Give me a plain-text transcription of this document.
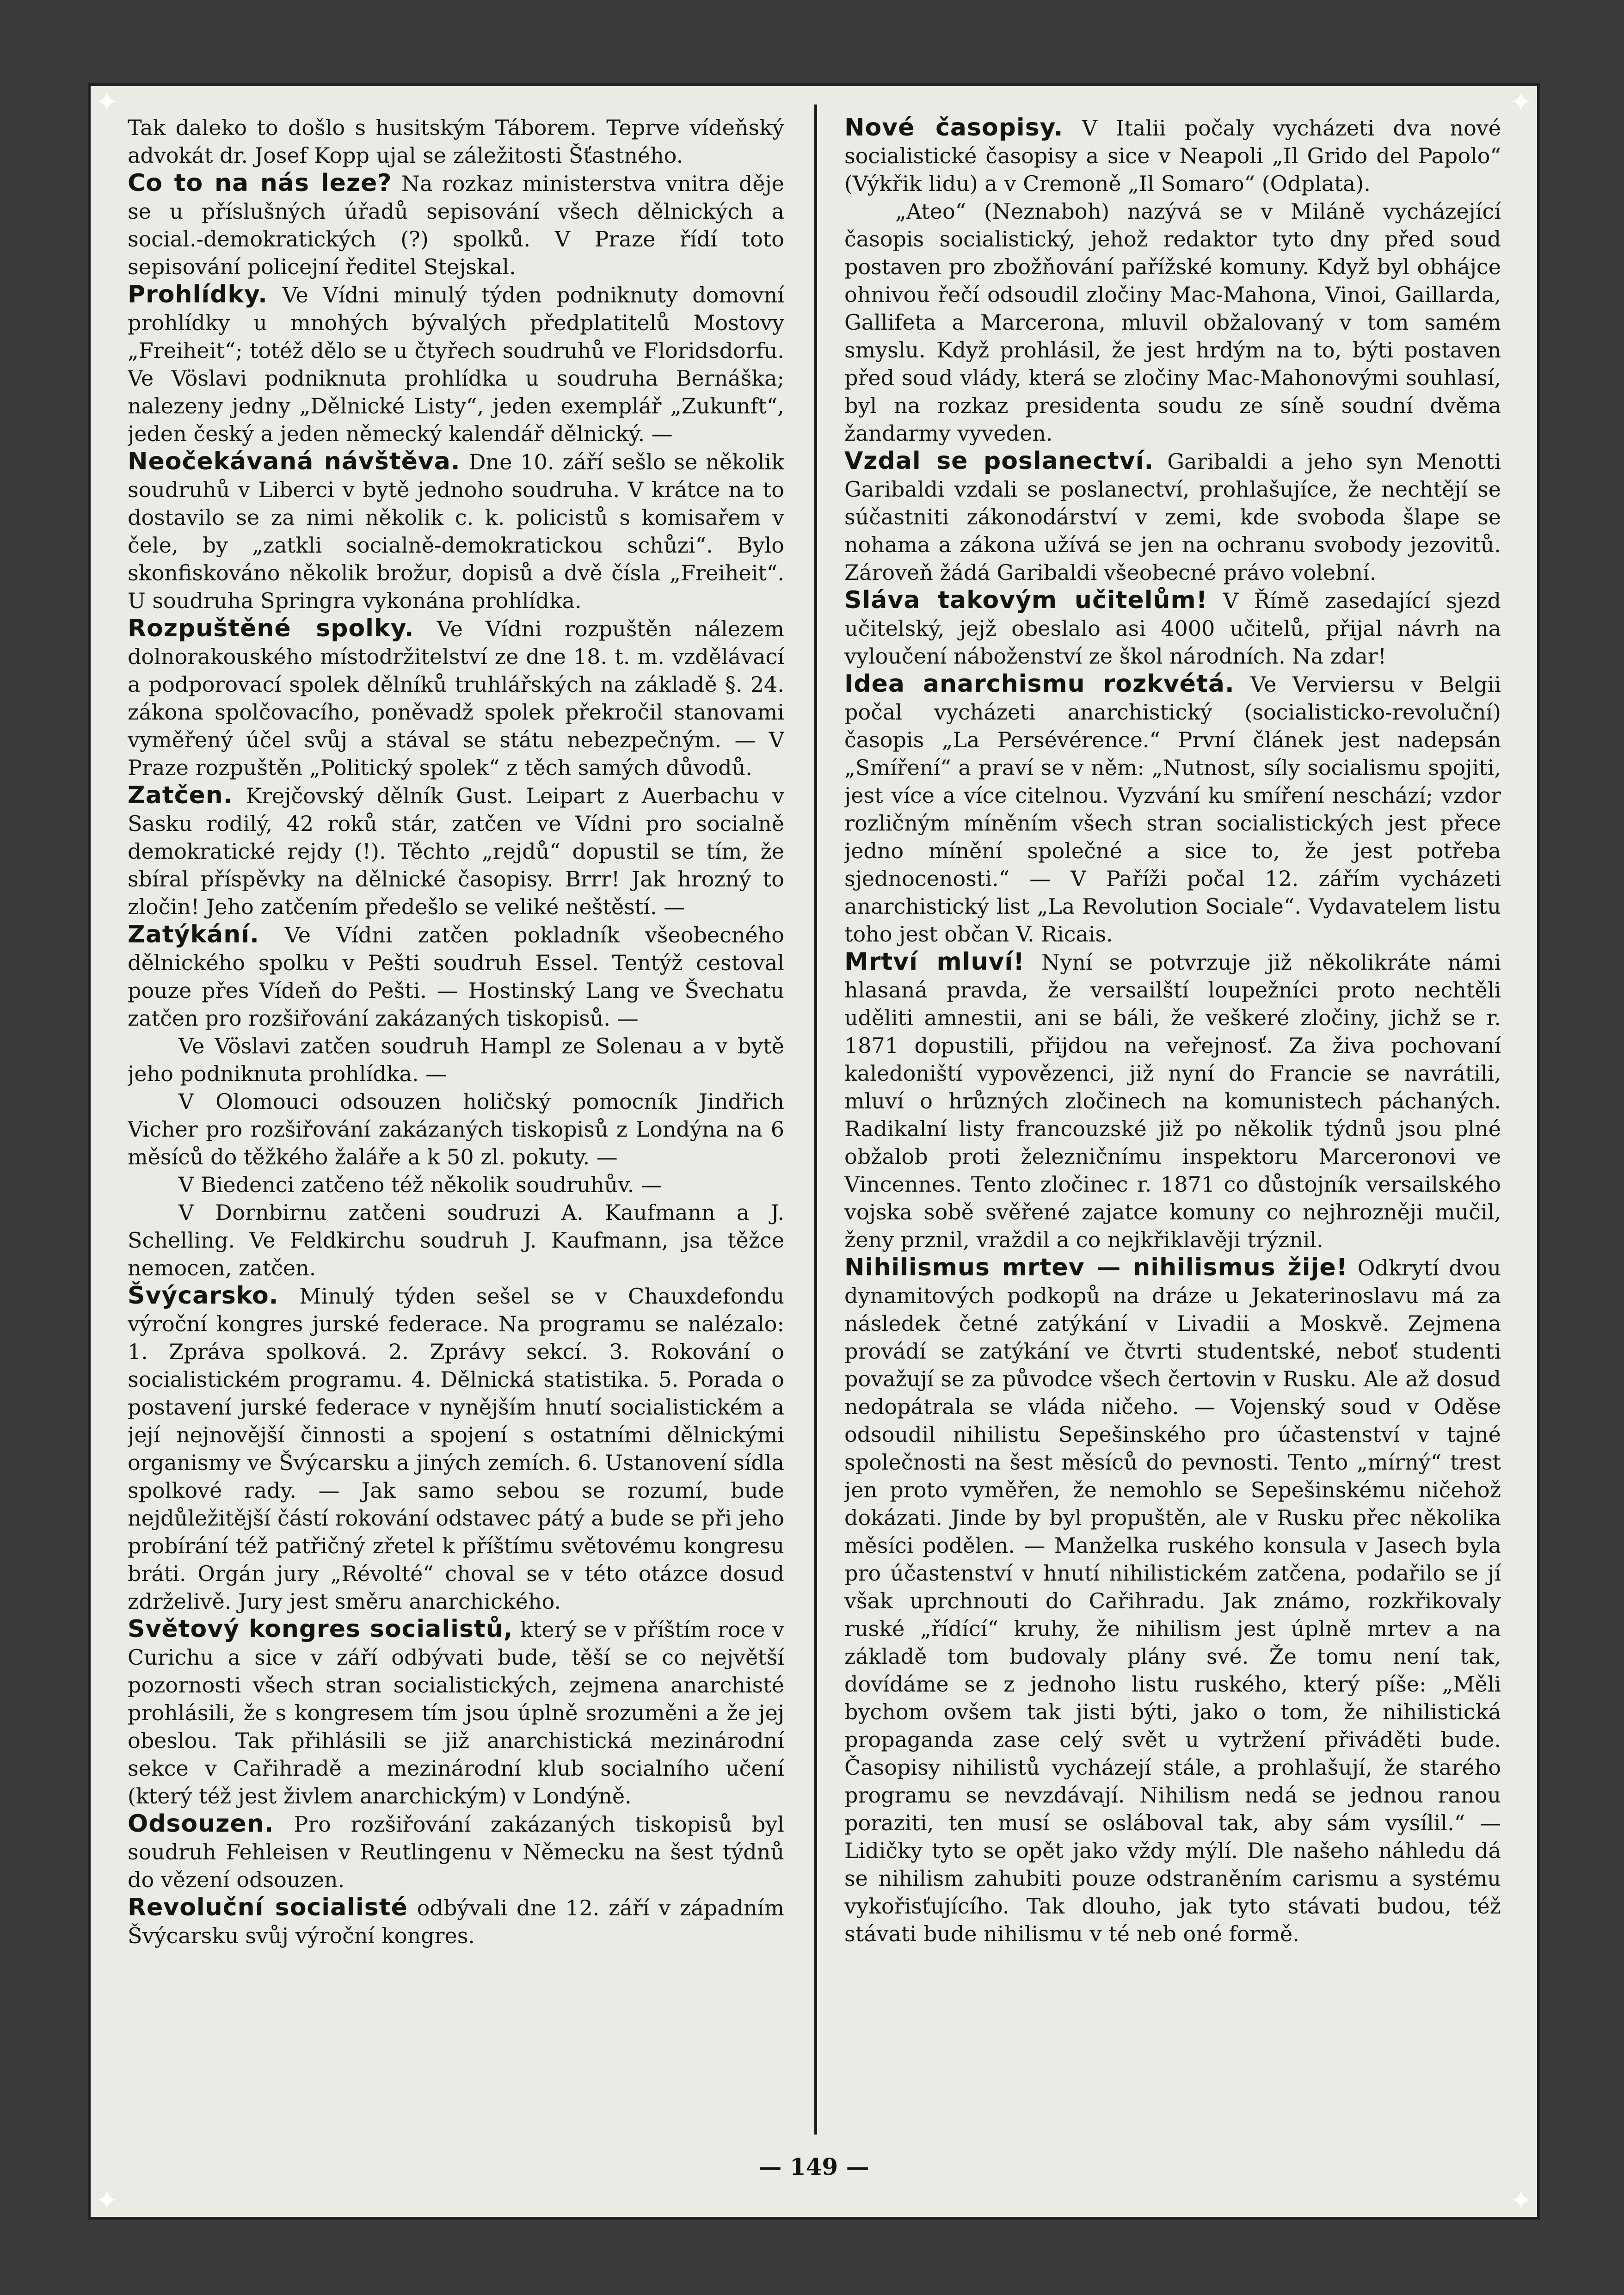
✦	✦
✦	✦

Tak daleko to došlo s husitským Táborem. Teprve vídeňský advokát dr. Josef Kopp ujal se záležitosti Šťastného.

Co to na nás leze? Na rozkaz ministerstva vnitra děje se u příslušných úřadů sepisování všech dělnických a social.-demokratických (?) spolků. V Praze řídí toto sepisování policejní ředitel Stejskal.

Prohlídky. Ve Vídni minulý týden podniknuty domovní prohlídky u mnohých bývalých předplatitelů Mostovy „Freiheit“; totéž dělo se u čtyřech soudruhů ve Floridsdorfu. Ve Vöslavi podniknuta prohlídka u soudruha Bernáška; nalezeny jedny „Dělnické Listy“, jeden exemplář „Zukunft“, jeden český a jeden německý kalendář dělnický. —

Neočekávaná návštěva. Dne 10. září sešlo se několik soudruhů v Liberci v bytě jednoho soudruha. V krátce na to dostavilo se za nimi několik c. k. policistů s komisařem v čele, by „zatkli socialně-demokratickou schůzi“. Bylo skonfiskováno několik brožur, dopisů a dvě čísla „Freiheit“. U soudruha Springra vykonána prohlídka.

Rozpuštěné spolky. Ve Vídni rozpuštěn nálezem dolnorakouského místodržitelství ze dne 18. t. m. vzdělávací a podporovací spolek dělníků truhlářských na základě §. 24. zákona spolčovacího, poněvadž spolek překročil stanovami vyměřený účel svůj a stával se státu nebezpečným. — V Praze rozpuštěn „Politický spolek“ z těch samých důvodů.

Zatčen. Krejčovský dělník Gust. Leipart z Auerbachu v Sasku rodilý, 42 roků stár, zatčen ve Vídni pro socialně demokratické rejdy (!). Těchto „rejdů“ dopustil se tím, že sbíral příspěvky na dělnické časopisy. Brrr! Jak hrozný to zločin! Jeho zatčením předešlo se veliké neštěstí. —

Zatýkání. Ve Vídni zatčen pokladník všeobecného dělnického spolku v Pešti soudruh Essel. Tentýž cestoval pouze přes Vídeň do Pešti. — Hostinský Lang ve Švechatu zatčen pro rozšiřování zakázaných tiskopisů. —

Ve Vöslavi zatčen soudruh Hampl ze Solenau a v bytě jeho podniknuta prohlídka. —

V Olomouci odsouzen holičský pomocník Jindřich Vicher pro rozšiřování zakázaných tiskopisů z Londýna na 6 měsíců do těžkého žaláře a k 50 zl. pokuty. —

V Biedenci zatčeno též několik soudruhův. —

V Dornbirnu zatčeni soudruzi A. Kaufmann a J. Schelling. Ve Feldkirchu soudruh J. Kaufmann, jsa těžce nemocen, zatčen.

Švýcarsko. Minulý týden sešel se v Chauxdefondu výroční kongres jurské federace. Na programu se nalézalo: 1. Zpráva spolková. 2. Zprávy sekcí. 3. Rokování o socialistickém programu. 4. Dělnická statistika. 5. Porada o postavení jurské federace v nynějším hnutí socialistickém a její nejnovější činnosti a spojení s ostatními dělnickými organismy ve Švýcarsku a jiných zemích. 6. Ustanovení sídla spolkové rady. — Jak samo sebou se rozumí, bude nejdůležitější částí rokování odstavec pátý a bude se při jeho probírání též patřičný zřetel k příštímu světovému kongresu bráti. Orgán jury „Révolté“ choval se v této otázce dosud zdrželivě. Jury jest směru anarchického.

Světový kongres socialistů, který se v příštím roce v Curichu a sice v září odbývati bude, těší se co největší pozornosti všech stran socialistických, zejmena anarchisté prohlásili, že s kongresem tím jsou úplně srozuměni a že jej obeslou. Tak přihlásili se již anarchistická mezinárodní sekce v Cařihradě a mezinárodní klub socialního učení (který též jest živlem anarchickým) v Londýně.

Odsouzen. Pro rozšiřování zakázaných tiskopisů byl soudruh Fehleisen v Reutlingenu v Německu na šest týdnů do vězení odsouzen.

Revoluční socialisté odbývali dne 12. září v západním Švýcarsku svůj výroční kongres.

Nové časopisy. V Italii počaly vycházeti dva nové socialistické časopisy a sice v Neapoli „Il Grido del Papolo“ (Výkřik lidu) a v Cremoně „Il Somaro“ (Odplata).

„Ateo“ (Neznaboh) nazývá se v Miláně vycházející časopis socialistický, jehož redaktor tyto dny před soud postaven pro zbožňování pařížské komuny. Když byl obhájce ohnivou řečí odsoudil zločiny Mac-Mahona, Vinoi, Gaillarda, Gallifeta a Marcerona, mluvil obžalovaný v tom samém smyslu. Když prohlásil, že jest hrdým na to, býti postaven před soud vlády, která se zločiny Mac-Mahonovými souhlasí, byl na rozkaz presidenta soudu ze síně soudní dvěma žandarmy vyveden.

Vzdal se poslanectví. Garibaldi a jeho syn Menotti Garibaldi vzdali se poslanectví, prohlašujíce, že nechtějí se súčastniti zákonodárství v zemi, kde svoboda šlape se nohama a zákona užívá se jen na ochranu svobody jezovitů. Zároveň žádá Garibaldi všeobecné právo volební.

Sláva takovým učitelům! V Římě zasedající sjezd učitelský, jejž obeslalo asi 4000 učitelů, přijal návrh na vyloučení náboženství ze škol národních. Na zdar!

Idea anarchismu rozkvétá. Ve Verviersu v Belgii počal vycházeti anarchistický (socialisticko-revoluční) časopis „La Persévérence.“ První článek jest nadepsán „Smíření“ a praví se v něm: „Nutnost, síly socialismu spojiti, jest více a více citelnou. Vyzvání ku smíření neschází; vzdor rozličným míněním všech stran socialistických jest přece jedno mínění společné a sice to, že jest potřeba sjednocenosti.“ — V Paříži počal 12. zářím vycházeti anarchistický list „La Revolution Sociale“. Vydavatelem listu toho jest občan V. Ricais.

Mrtví mluví! Nyní se potvrzuje již několikráte námi hlasaná pravda, že versailští loupežníci proto nechtěli uděliti amnestii, ani se báli, že veškeré zločiny, jichž se r. 1871 dopustili, přijdou na veřejnosť. Za živa pochovaní kaledoniští vypovězenci, již nyní do Francie se navrátili, mluví o hrůzných zločinech na komunistech páchaných. Radikalní listy francouzské již po několik týdnů jsou plné obžalob proti železničnímu inspektoru Marceronovi ve Vincennes. Tento zločinec r. 1871 co důstojník versailského vojska sobě svěřené zajatce komuny co nejhrozněji mučil, ženy prznil, vraždil a co nejkřiklavěji trýznil.

Nihilismus mrtev — nihilismus žije! Odkrytí dvou dynamitových podkopů na dráze u Jekaterinoslavu má za následek četné zatýkání v Livadii a Moskvě. Zejmena provádí se zatýkání ve čtvrti studentské, neboť studenti považují se za původce všech čertovin v Rusku. Ale až dosud nedopátrala se vláda ničeho. — Vojenský soud v Oděse odsoudil nihilistu Sepešinského pro účastenství v tajné společnosti na šest měsíců do pevnosti. Tento „mírný“ trest jen proto vyměřen, že nemohlo se Sepešinskému ničehož dokázati. Jinde by byl propuštěn, ale v Rusku přec několika měsíci podělen. — Manželka ruského konsula v Jasech byla pro účastenství v hnutí nihilistickém zatčena, podařilo se jí však uprchnouti do Cařihradu. Jak známo, rozkřikovaly ruské „řídící“ kruhy, že nihilism jest úplně mrtev a na základě tom budovaly plány své. Že tomu není tak, dovídáme se z jednoho listu ruského, který píše: „Měli bychom ovšem tak jisti býti, jako o tom, že nihilistická propaganda zase celý svět u vytržení přiváděti bude. Časopisy nihilistů vycházejí stále, a prohlašují, že starého programu se nevzdávají. Nihilism nedá se jednou ranou poraziti, ten musí se osláboval tak, aby sám vysílil.“ — Lidičky tyto se opět jako vždy mýlí. Dle našeho náhledu dá se nihilism zahubiti pouze odstraněním carismu a systému vykořisťujícího. Tak dlouho, jak tyto stávati budou, též stávati bude nihilismu v té neb oné formě.

— 149 —
